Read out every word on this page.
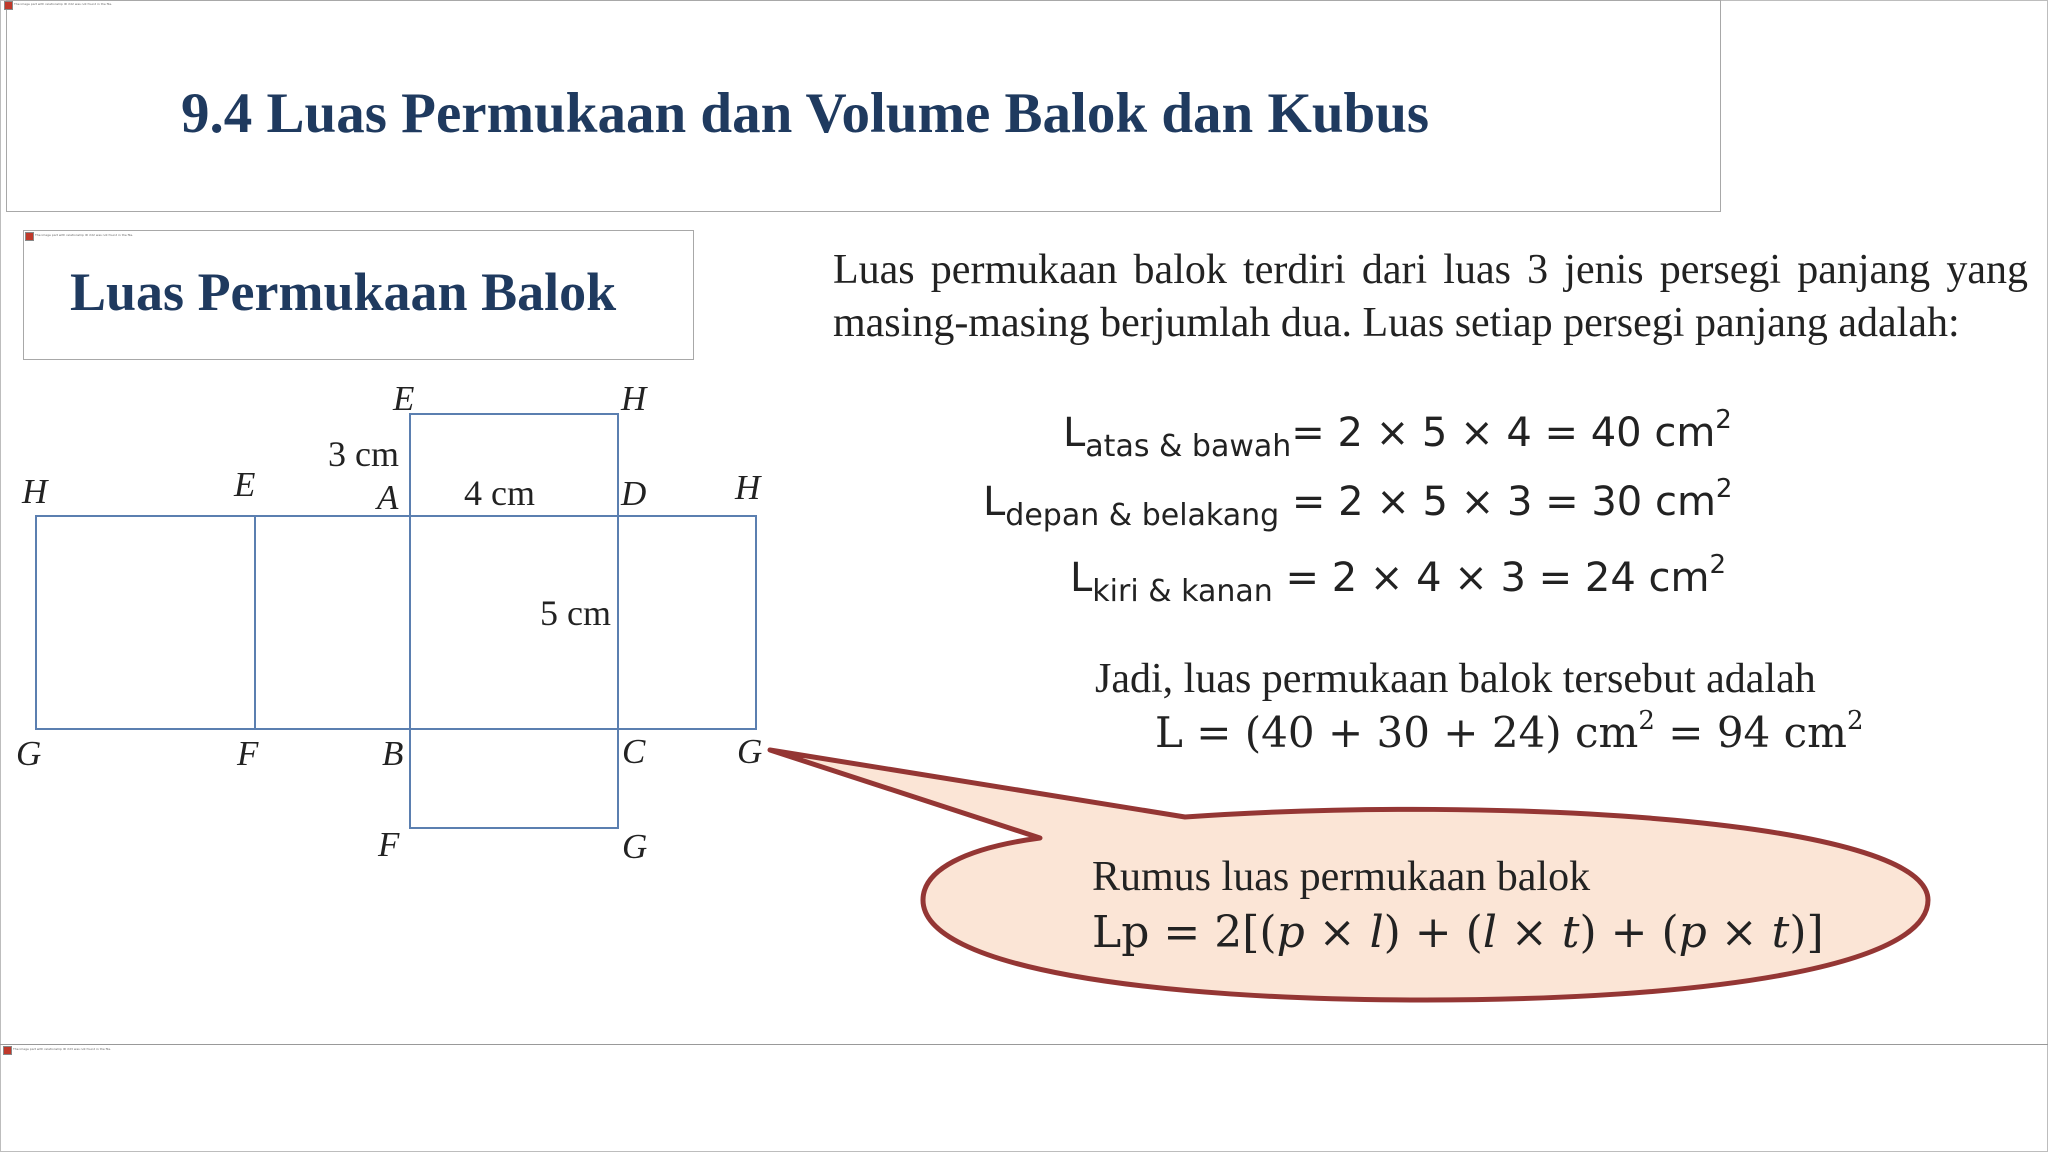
9.4 Luas Permukaan dan Volume Balok dan Kubus
The image part with relationship ID rId2 was not found in the file.
Luas Permukaan Balok
The image part with relationship ID rId2 was not found in the file.
E	H
3 cm
H	E	A 4 cm D	H
5 cm
G	F	B	C	G
F	G

Luas permukaan balok terdiri dari luas 3 jenis persegi panjang yang masing-masing berjumlah dua. Luas setiap persegi panjang adalah:

$L_{atas \& bawah}= 2 \times 5 \times 4 = 40$ $cm^2$
$L_{depan \& belakang} = 2 \times 5 \times 3 = 30$ $cm^2$
$L_{kiri \& kanan} = 2 \times 4 \times 3 = 24$ $cm^2$
Jadi, luas permukaan balok tersebut adalah
L = (40 + 30 + 24) $cm^2 = 94$ $cm^2$
Rumus luas permukaan balok
Lp = 2[(p × l) + (l × t) + (p × t)]
The image part with relationship ID rId3 was not found in the file.
